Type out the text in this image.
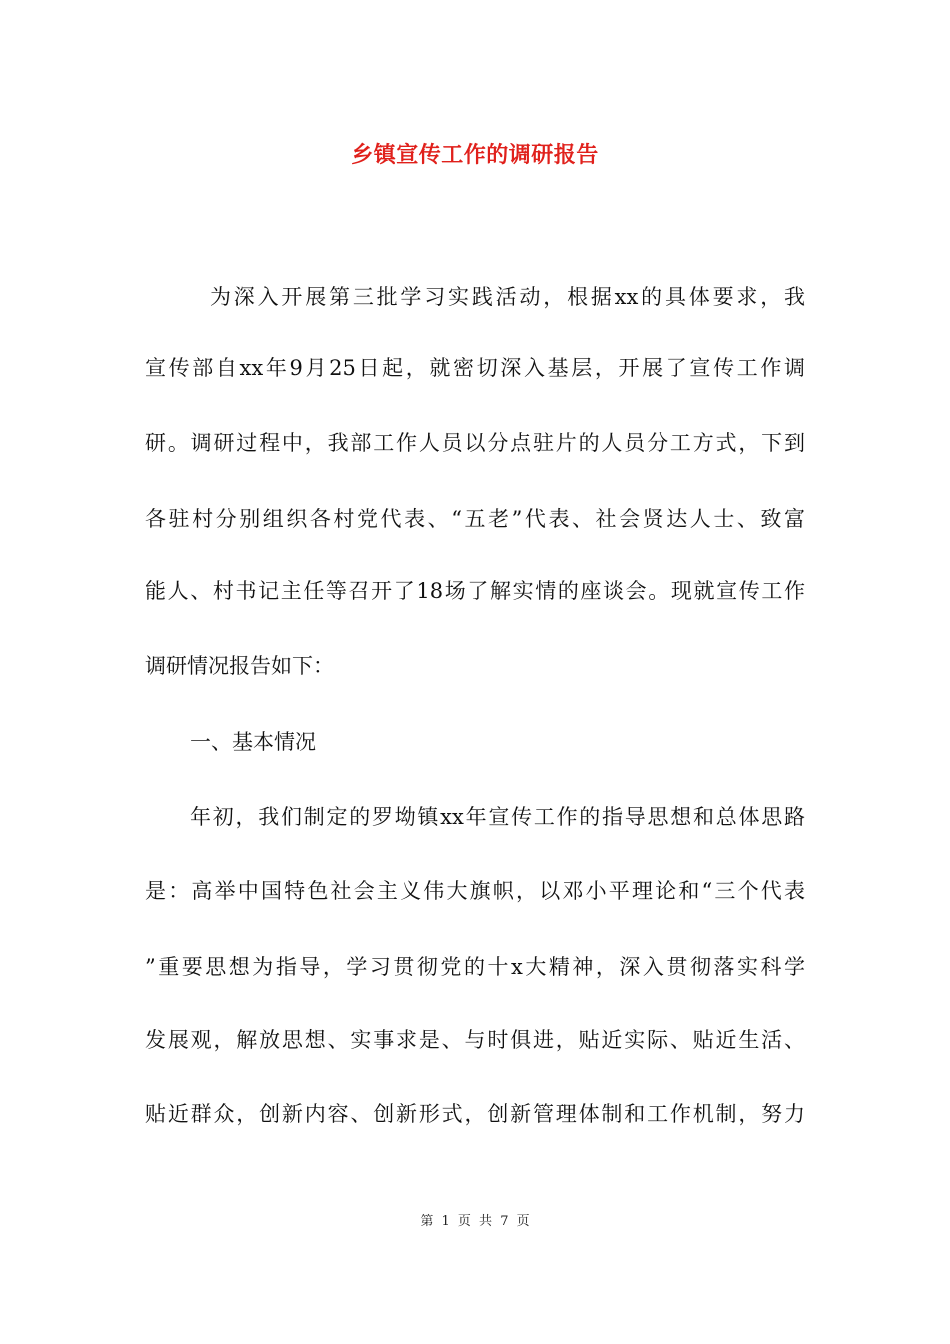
乡镇宣传工作的调研报告
为深入开展第三批学习实践活动，根据xx的具体要求，我
宣传部自xx年9月25日起，就密切深入基层，开展了宣传工作调
研。调研过程中，我部工作人员以分点驻片的人员分工方式，下到
各驻村分别组织各村党代表、“五老”代表、社会贤达人士、致富
能人、村书记主任等召开了18场了解实情的座谈会。现就宣传工作
调研情况报告如下：
一、基本情况
年初，我们制定的罗坳镇xx年宣传工作的指导思想和总体思路
是：高举中国特色社会主义伟大旗帜，以邓小平理论和“三个代表
”重要思想为指导，学习贯彻党的十x大精神，深入贯彻落实科学
发展观，解放思想、实事求是、与时俱进，贴近实际、贴近生活、
贴近群众，创新内容、创新形式，创新管理体制和工作机制，努力
第 1 页 共 7 页
